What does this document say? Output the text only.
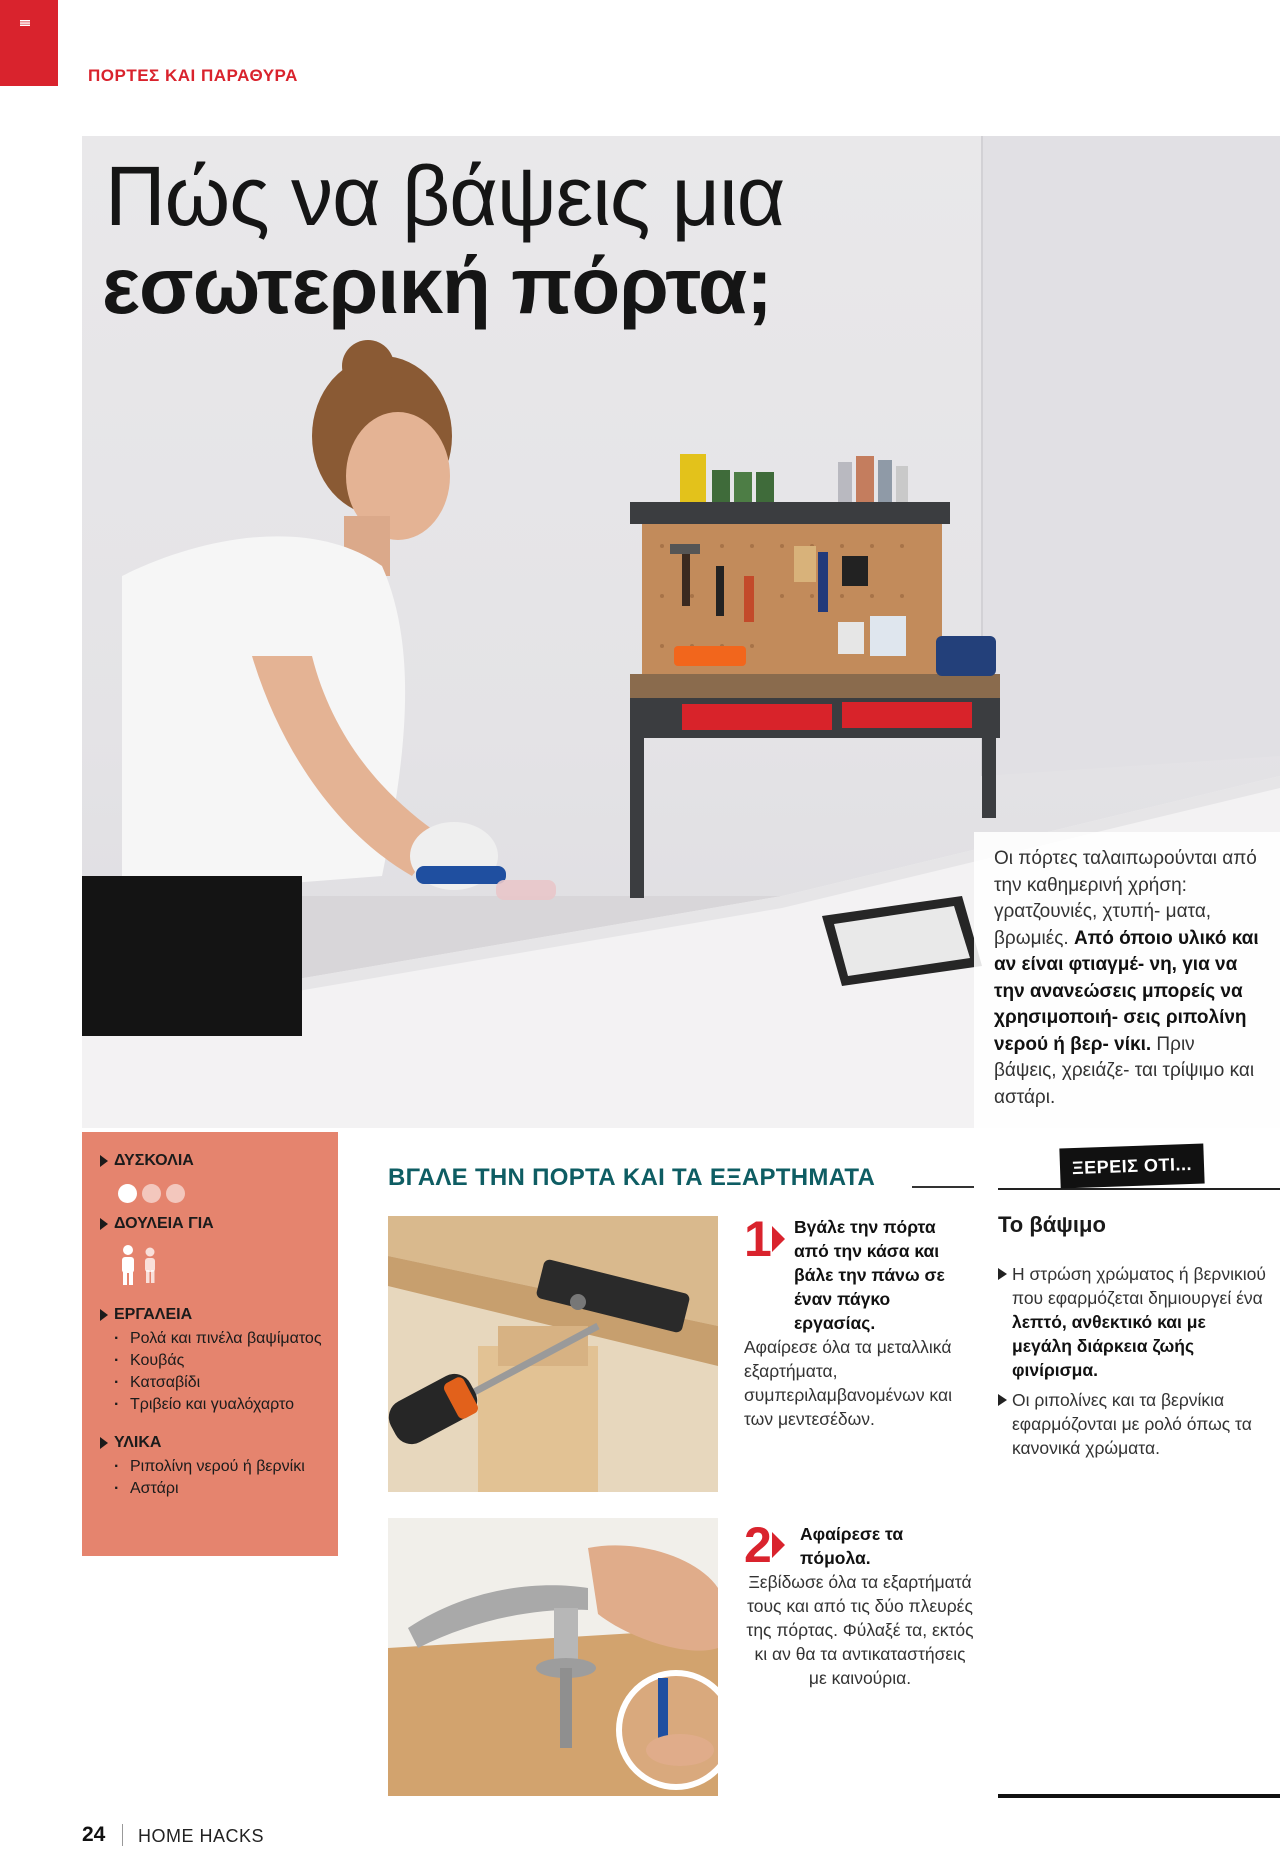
ΠΟΡΤΕΣ ΚΑΙ ΠΑΡΑΘΥΡΑ
Πώς να βάψεις μια
εσωτερική πόρτα;
Οι πόρτες ταλαιπωρούνται από την καθημερινή χρήση: γρατζουνιές, χτυπή- ματα, βρωμιές. Από όποιο υλικό και αν είναι φτιαγμέ- νη, για να την ανανεώσεις μπορείς να χρησιμοποιή- σεις ριπολίνη νερού ή βερ- νίκι. Πριν βάψεις, χρειάζε- ται τρίψιμο και αστάρι.
ΔΥΣΚΟΛΙΑ
ΔΟΥΛΕΙΑ ΓΙΑ
ΕΡΓΑΛΕΙΑ
· Ρολά και πινέλα βαψίματος
· Κουβάς
· Κατσαβίδι
· Τριβείο και γυαλόχαρτο
ΥΛΙΚΑ
· Ριπολίνη νερού ή βερνίκι
· Αστάρι
ΒΓΑΛΕ ΤΗΝ ΠΟΡΤΑ ΚΑΙ ΤΑ ΕΞΑΡΤΗΜΑΤΑ
1	Βγάλε την πόρτα από την κάσα και βάλε την πάνω σε έναν πάγκο εργασίας.
Αφαίρεσε όλα τα μεταλλικά εξαρτήματα, συμπεριλαμβανομένων και των μεντεσέδων.
2	Αφαίρεσε τα πόμολα.
Ξεβίδωσε όλα τα εξαρτήματά τους και από τις δύο πλευρές της πόρτας. Φύλαξέ τα, εκτός κι αν θα τα αντικαταστήσεις με καινούρια.
ΞΕΡΕΙΣ ΟΤΙ...
Το βάψιμο
Η στρώση χρώματος ή βερνικιού που εφαρμόζεται δημιουργεί ένα λεπτό, ανθεκτικό και με μεγάλη διάρκεια ζωής φινίρισμα.
Οι ριπολίνες και τα βερνίκια εφαρμόζονται με ρολό όπως τα κανονικά χρώματα.
24 HOME HACKS
